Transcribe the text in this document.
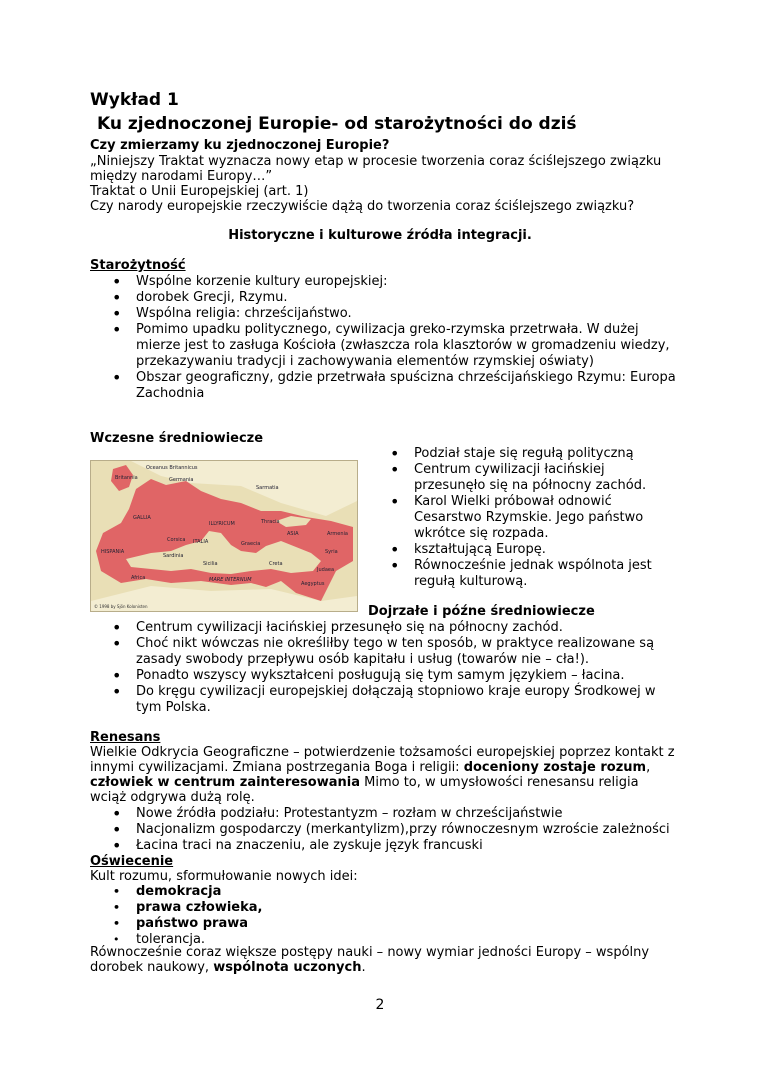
Wykład 1
Ku zjednoczonej Europie- od starożytności do dziś
Czy zmierzamy ku zjednoczonej Europie?
„Niniejszy Traktat wyznacza nowy etap w procesie tworzenia coraz ściślejszego związku
między narodami Europy…”
Traktat o Unii Europejskiej (art. 1)
Czy narody europejskie rzeczywiście dążą do tworzenia coraz ściślejszego związku?
Historyczne i kulturowe źródła integracji.
Starożytność
• Wspólne korzenie kultury europejskiej:
• dorobek Grecji, Rzymu.
• Wspólna religia: chrześcijaństwo.
• Pomimo upadku politycznego, cywilizacja greko-rzymska przetrwała. W dużej
mierze jest to zasługa Kościoła (zwłaszcza rola klasztorów w gromadzeniu wiedzy,
przekazywaniu tradycji i zachowywania elementów rzymskiej oświaty)
• Obszar geograficzny, gdzie przetrwała spuścizna chrześcijańskiego Rzymu: Europa
Zachodnia
Wczesne średniowiecze
Oceanus Britannicus
Britannia	Germania
Sarmatia
GALLIA
ILLYRICUM
HISPANIA
ITALIA
Thracia
Corsica
Sardinia
Sicilia
Graecia
ASIA
MARE INTERNUM
Africa
Creta
Aegyptus
Judaea
Syria
Armenia
© 1998 by Sjön Kolonisten
• Podział staje się regułą polityczną
• Centrum cywilizacji łacińskiej
przesunęło się na północny zachód.
• Karol Wielki próbował odnowić
Cesarstwo Rzymskie. Jego państwo
wkrótce się rozpada.
• kształtującą Europę.
• Równocześnie jednak wspólnota jest
regułą kulturową.
Dojrzałe i późne średniowiecze
• Centrum cywilizacji łacińskiej przesunęło się na północny zachód.
• Choć nikt wówczas nie określiłby tego w ten sposób, w praktyce realizowane są
zasady swobody przepływu osób kapitału i usług (towarów nie – cła!).
• Ponadto wszyscy wykształceni posługują się tym samym językiem – łacina.
• Do kręgu cywilizacji europejskiej dołączają stopniowo kraje europy Środkowej w
tym Polska.
Renesans
Wielkie Odkrycia Geograficzne – potwierdzenie tożsamości europejskiej poprzez kontakt z
innymi cywilizacjami. Zmiana postrzegania Boga i religii: doceniony zostaje rozum,
człowiek w centrum zainteresowania Mimo to, w umysłowości renesansu religia
wciąż odgrywa dużą rolę.
• Nowe źródła podziału: Protestantyzm – rozłam w chrześcijaństwie
• Nacjonalizm gospodarczy (merkantylizm),przy równoczesnym wzroście zależności
• Łacina traci na znaczeniu, ale zyskuje język francuski
Oświecenie
Kult rozumu, sformułowanie nowych idei:
• demokracja
• prawa człowieka,
• państwo prawa
• tolerancja.
Równocześnie coraz większe postępy nauki – nowy wymiar jedności Europy – wspólny
dorobek naukowy, wspólnota uczonych.
2
